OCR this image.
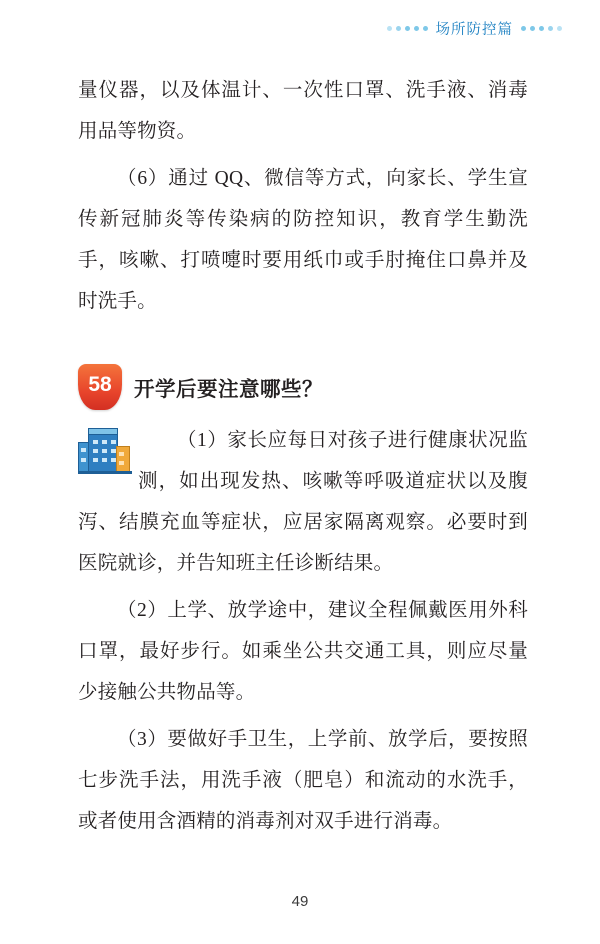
场所防控篇

量仪器，以及体温计、一次性口罩、洗手液、消毒用品等物资。

（6）通过 QQ、微信等方式，向家长、学生宣传新冠肺炎等传染病的防控知识，教育学生勤洗手，咳嗽、打喷嚏时要用纸巾或手肘掩住口鼻并及时洗手。

58	开学后要注意哪些？

（1）家长应每日对孩子进行健康状况监测，如出现发热、咳嗽等呼吸道症状以及腹泻、结膜充血等症状，应居家隔离观察。必要时到医院就诊，并告知班主任诊断结果。

（2）上学、放学途中，建议全程佩戴医用外科口罩，最好步行。如乘坐公共交通工具，则应尽量少接触公共物品等。

（3）要做好手卫生，上学前、放学后，要按照七步洗手法，用洗手液（肥皂）和流动的水洗手，或者使用含酒精的消毒剂对双手进行消毒。

49
